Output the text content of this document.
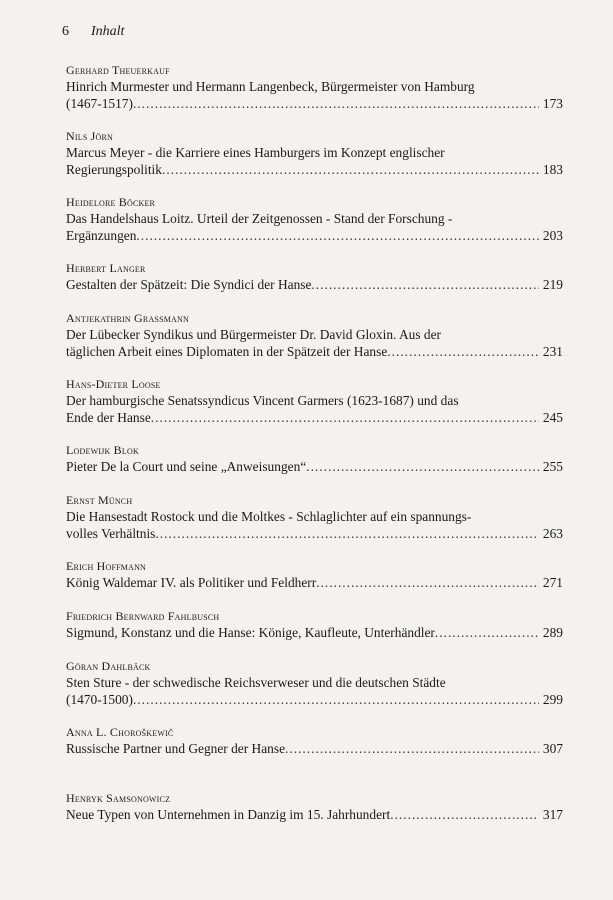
6 Inhalt
Gerhard Theuerkauf
Hinrich Murmester und Hermann Langenbeck, Bürgermeister von Hamburg
(1467-1517) .....	173
Nils Jörn
Marcus Meyer - die Karriere eines Hamburgers im Konzept englischer
Regierungspolitik .....	183
Heidelore Böcker
Das Handelshaus Loitz. Urteil der Zeitgenossen - Stand der Forschung -
Ergänzungen .....	203
Herbert Langer
Gestalten der Spätzeit: Die Syndici der Hanse .....	219
Antjekathrin Grassmann
Der Lübecker Syndikus und Bürgermeister Dr. David Gloxin. Aus der
täglichen Arbeit eines Diplomaten in der Spätzeit der Hanse .....	231
Hans-Dieter Loose
Der hamburgische Senatssyndicus Vincent Garmers (1623-1687) und das
Ende der Hanse .....	245
Lodewijk Blok
Pieter De la Court und seine „Anweisungen“ .....	255
Ernst Münch
Die Hansestadt Rostock und die Moltkes - Schlaglichter auf ein spannungs-
volles Verhältnis .....	263
Erich Hoffmann
König Waldemar IV. als Politiker und Feldherr .....	271
Friedrich Bernward Fahlbusch
Sigmund, Konstanz und die Hanse: Könige, Kaufleute, Unterhändler .....	289
Göran Dahlbäck
Sten Sture - der schwedische Reichsverweser und die deutschen Städte
(1470-1500) .....	299
Anna L. Choroškewič
Russische Partner und Gegner der Hanse .....	307
Henryk Samsonowicz
Neue Typen von Unternehmen in Danzig im 15. Jahrhundert .....	317
